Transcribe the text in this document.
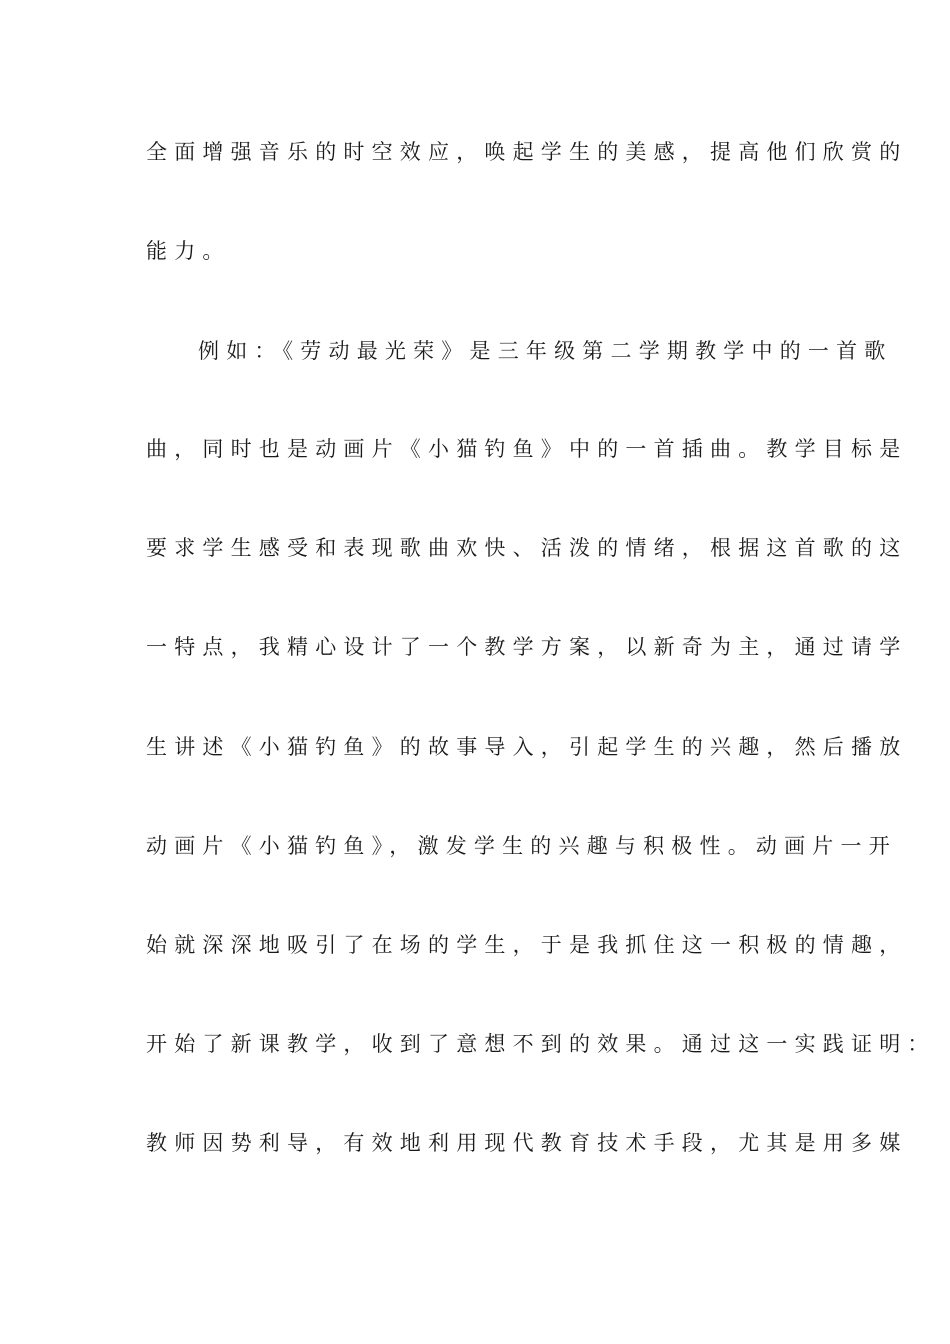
全面增强音乐的时空效应，唤起学生的美感，提高他们欣赏的
能力。
例如：《劳动最光荣》是三年级第二学期教学中的一首歌
曲，同时也是动画片《小猫钓鱼》中的一首插曲。教学目标是
要求学生感受和表现歌曲欢快、活泼的情绪，根据这首歌的这
一特点，我精心设计了一个教学方案，以新奇为主，通过请学
生讲述《小猫钓鱼》的故事导入，引起学生的兴趣，然后播放
动画片《小猫钓鱼》，激发学生的兴趣与积极性。动画片一开
始就深深地吸引了在场的学生，于是我抓住这一积极的情趣，
开始了新课教学，收到了意想不到的效果。通过这一实践证明：
教师因势利导，有效地利用现代教育技术手段，尤其是用多媒
